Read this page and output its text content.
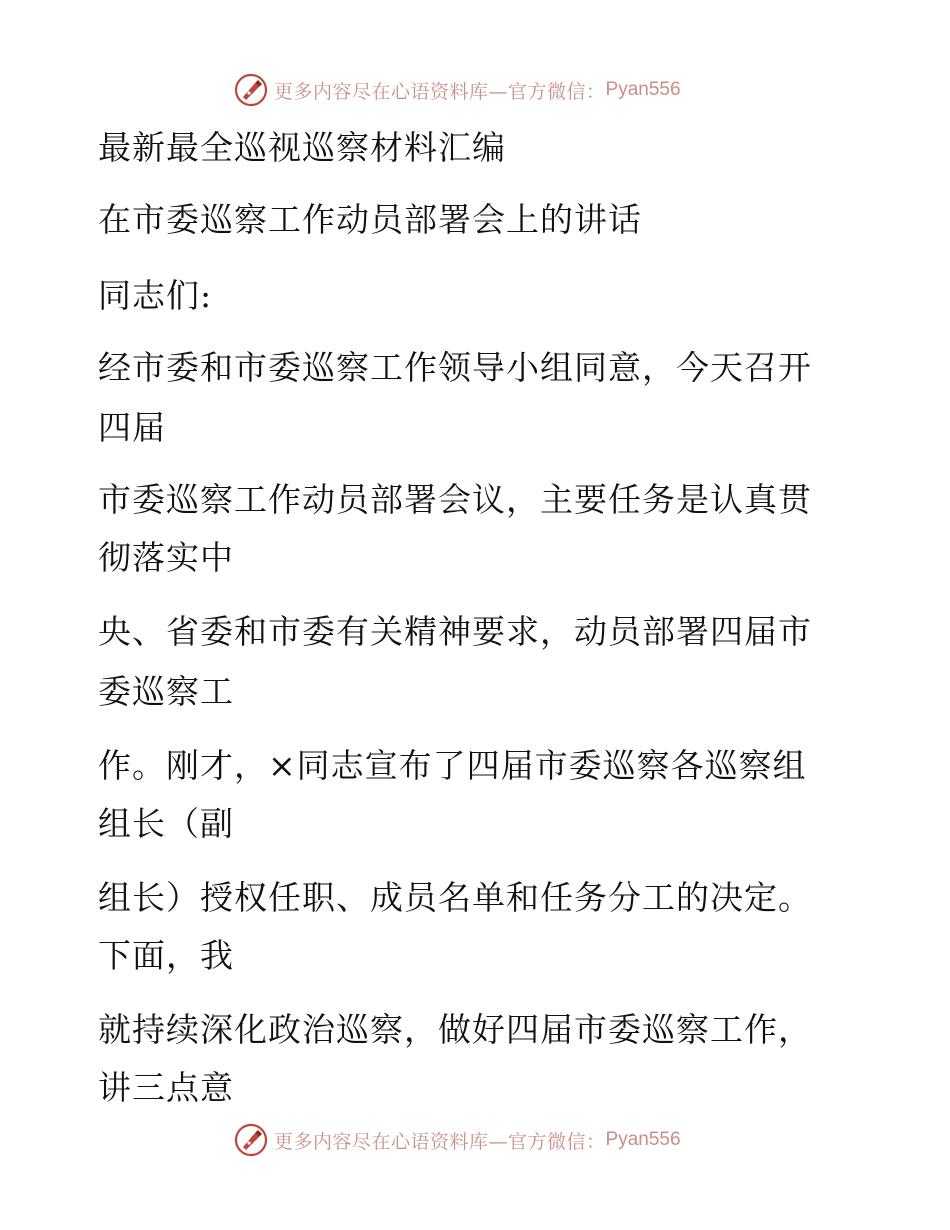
更多内容尽在心语资料库—官方微信： Pyan556
最新最全巡视巡察材料汇编
在市委巡察工作动员部署会上的讲话
同志们:
经市委和市委巡察工作领导小组同意，今天召开
四届
市委巡察工作动员部署会议，主要任务是认真贯
彻落实中
央、省委和市委有关精神要求，动员部署四届市
委巡察工
作。刚才，×同志宣布了四届市委巡察各巡察组
组长（副
组长）授权任职、成员名单和任务分工的决定。
下面，我
就持续深化政治巡察，做好四届市委巡察工作，
讲三点意
更多内容尽在心语资料库—官方微信： Pyan556
